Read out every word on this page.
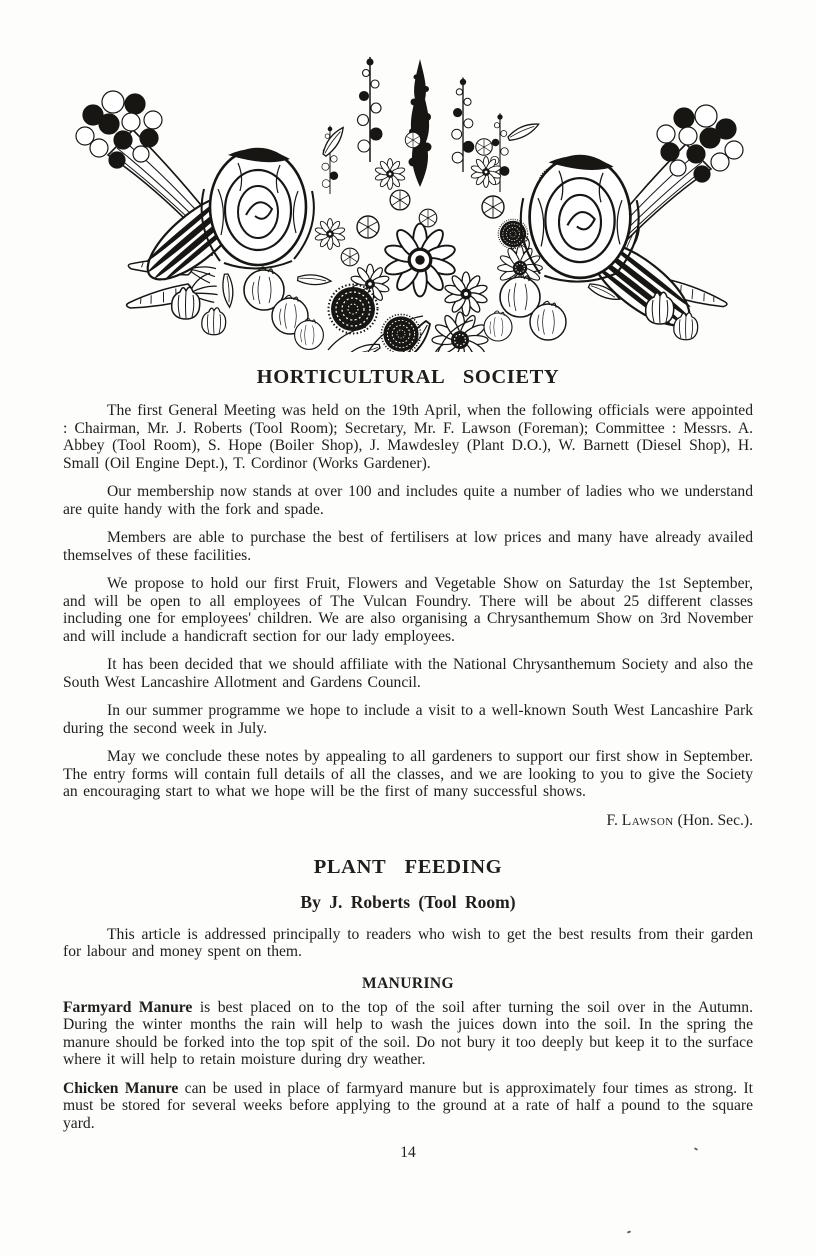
HORTICULTURAL SOCIETY

The first General Meeting was held on the 19th April, when the following officials were appointed : Chairman, Mr. J. Roberts (Tool Room); Secretary, Mr. F. Lawson (Foreman); Committee : Messrs. A. Abbey (Tool Room), S. Hope (Boiler Shop), J. Mawdesley (Plant D.O.), W. Barnett (Diesel Shop), H. Small (Oil Engine Dept.), T. Cordinor (Works Gardener).

Our membership now stands at over 100 and includes quite a number of ladies who we understand are quite handy with the fork and spade.

Members are able to purchase the best of fertilisers at low prices and many have already availed themselves of these facilities.

We propose to hold our first Fruit, Flowers and Vegetable Show on Saturday the 1st September, and will be open to all employees of The Vulcan Foundry. There will be about 25 different classes including one for employees' children. We are also organising a Chrysanthemum Show on 3rd November and will include a handicraft section for our lady employees.

It has been decided that we should affiliate with the National Chrysanthemum Society and also the South West Lancashire Allotment and Gardens Council.

In our summer programme we hope to include a visit to a well-known South West Lancashire Park during the second week in July.

May we conclude these notes by appealing to all gardeners to support our first show in September. The entry forms will contain full details of all the classes, and we are looking to you to give the Society an encouraging start to what we hope will be the first of many successful shows.

F. Lawson (Hon. Sec.).

PLANT FEEDING
By J. Roberts (Tool Room)

This article is addressed principally to readers who wish to get the best results from their garden for labour and money spent on them.

MANURING

Farmyard Manure is best placed on to the top of the soil after turning the soil over in the Autumn. During the winter months the rain will help to wash the juices down into the soil. In the spring the manure should be forked into the top spit of the soil. Do not bury it too deeply but keep it to the surface where it will help to retain moisture during dry weather.

Chicken Manure can be used in place of farmyard manure but is approximately four times as strong. It must be stored for several weeks before applying to the ground at a rate of half a pound to the square yard.

14
